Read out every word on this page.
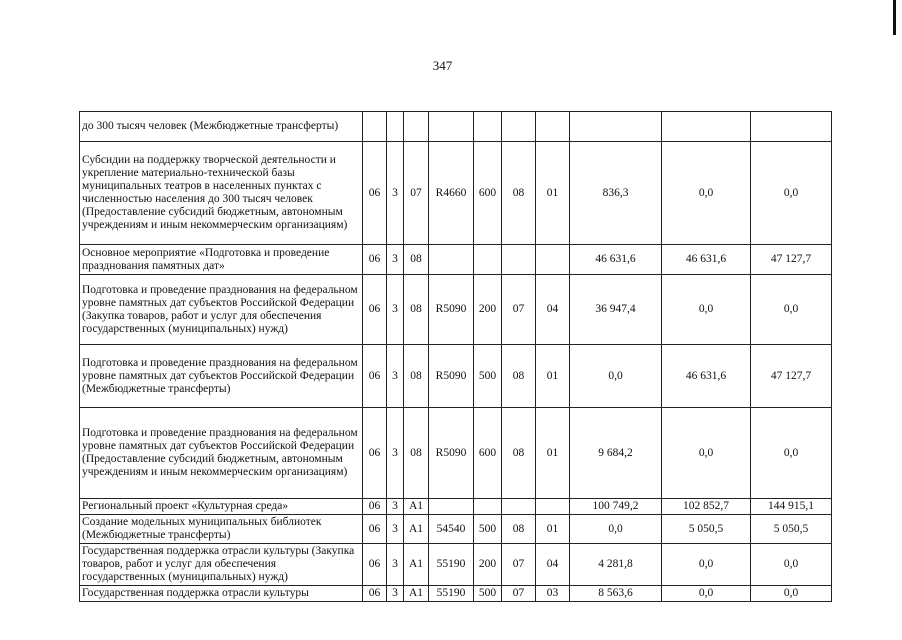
347
до 300 тысяч человек (Межбюджетные трансферты)										
Субсидии на поддержку творческой деятельности и укрепление материально-технической базы муниципальных театров в населенных пунктах с численностью населения до 300 тысяч человек (Предоставление субсидий бюджетным, автономным учреждениям и иным некоммерческим организациям)	06	3	07	R4660	600	08	01	836,3	0,0	0,0
Основное мероприятие «Подготовка и проведение празднования памятных дат»	06	3	08					46 631,6	46 631,6	47 127,7
Подготовка и проведение празднования на федеральном уровне памятных дат субъектов Российской Федерации (Закупка товаров, работ и услуг для обеспечения государственных (муниципальных) нужд)	06	3	08	R5090	200	07	04	36 947,4	0,0	0,0
Подготовка и проведение празднования на федеральном уровне памятных дат субъектов Российской Федерации (Межбюджетные трансферты)	06	3	08	R5090	500	08	01	0,0	46 631,6	47 127,7
Подготовка и проведение празднования на федеральном уровне памятных дат субъектов Российской Федерации (Предоставление субсидий бюджетным, автономным учреждениям и иным некоммерческим организациям)	06	3	08	R5090	600	08	01	9 684,2	0,0	0,0
Региональный проект «Культурная среда»	06	3	A1					100 749,2	102 852,7	144 915,1
Создание модельных муниципальных библиотек (Межбюджетные трансферты)	06	3	A1	54540	500	08	01	0,0	5 050,5	5 050,5
Государственная поддержка отрасли культуры (Закупка товаров, работ и услуг для обеспечения государственных (муниципальных) нужд)	06	3	A1	55190	200	07	04	4 281,8	0,0	0,0
Государственная поддержка отрасли культуры	06	3	A1	55190	500	07	03	8 563,6	0,0	0,0
